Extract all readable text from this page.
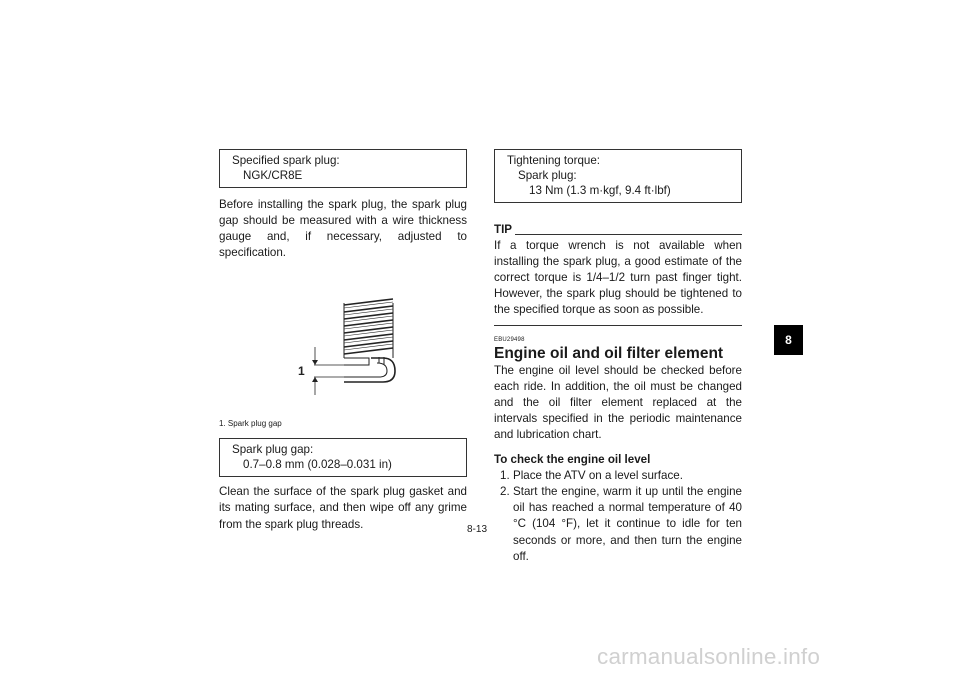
Specified spark plug:
NGK/CR8E

Before installing the spark plug, the spark plug gap should be measured with a wire thickness gauge and, if necessary, adjusted to specification.

1
1. Spark plug gap
Spark plug gap:
0.7–0.8 mm (0.028–0.031 in)

Clean the surface of the spark plug gasket and its mating surface, and then wipe off any grime from the spark plug threads.

Tightening torque:
Spark plug:
13 Nm (1.3 m·kgf, 9.4 ft·lbf)
TIP

If a torque wrench is not available when installing the spark plug, a good estimate of the correct torque is 1/4–1/2 turn past finger tight. However, the spark plug should be tightened to the specified torque as soon as possible.

EBU29498
Engine oil and oil filter element

The engine oil level should be checked before each ride. In addition, the oil must be changed and the oil filter element replaced at the intervals specified in the periodic maintenance and lubrication chart.

To check the engine oil level
1. Place the ATV on a level surface.
2. Start the engine, warm it up until the engine oil has reached a normal temperature of 40 °C (104 °F), let it continue to idle for ten seconds or more, and then turn the engine off.
8-13
8
carmanualsonline.info
